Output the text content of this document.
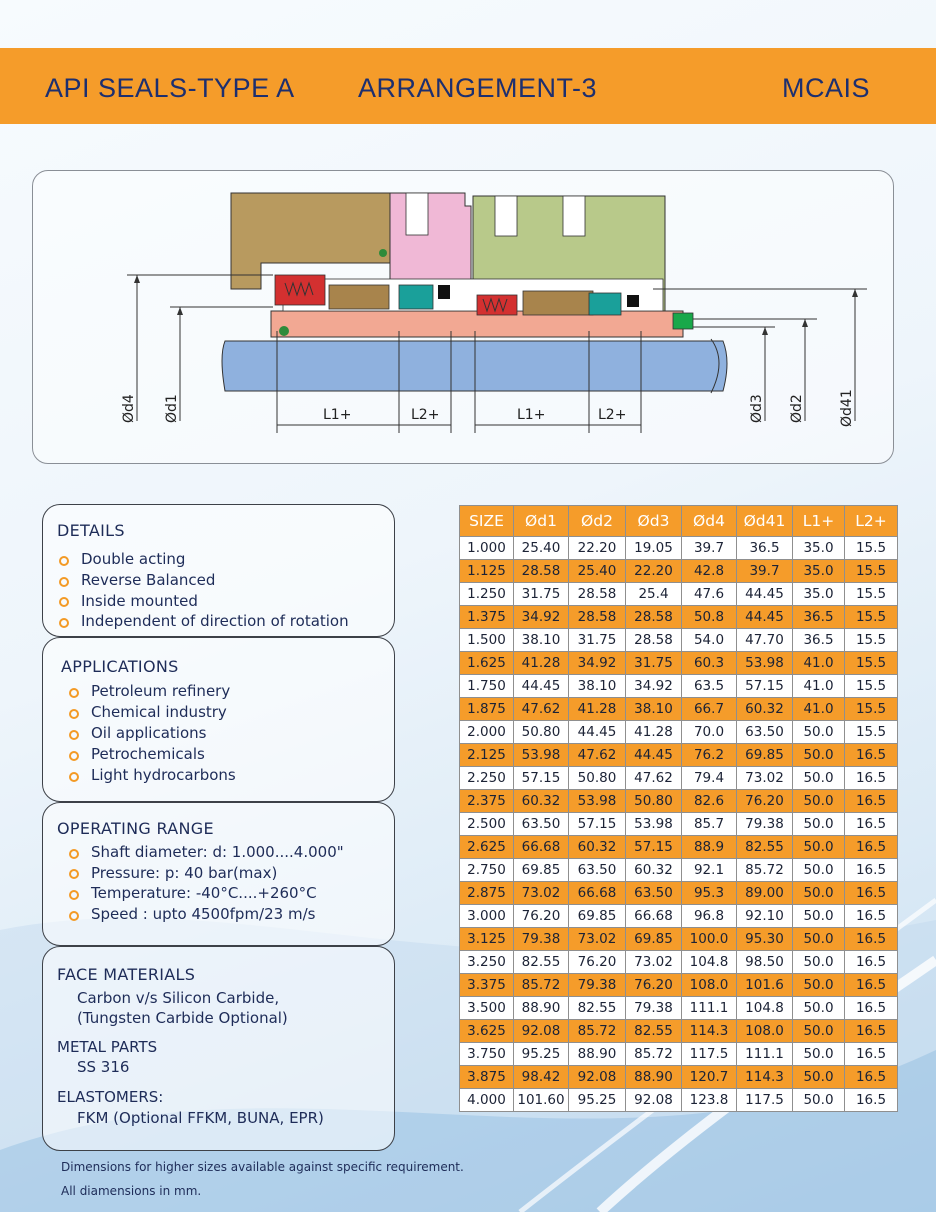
API SEALS-TYPE A ARRANGEMENT-3	MCAIS
Ød4 Ød1	Ød3 Ød2 Ød41
L1+	L2+	L1+	L2+
DETAILS
Double acting
Reverse Balanced
Inside mounted
Independent of direction of rotation
APPLICATIONS
Petroleum refinery
Chemical industry
Oil applications
Petrochemicals
Light hydrocarbons
OPERATING RANGE
Shaft diameter: d: 1.000....4.000"
Pressure: p: 40 bar(max)
Temperature: -40°C....+260°C
Speed : upto 4500fpm/23 m/s
FACE MATERIALS
Carbon v/s Silicon Carbide,
(Tungsten Carbide Optional)
METAL PARTS
SS 316
ELASTOMERS:
FKM (Optional FFKM, BUNA, EPR)
SIZE	Ød1	Ød2	Ød3	Ød4	Ød41	L1+	L2+
1.000	25.40	22.20	19.05	39.7	36.5	35.0	15.5
1.125	28.58	25.40	22.20	42.8	39.7	35.0	15.5
1.250	31.75	28.58	25.4	47.6	44.45	35.0	15.5
1.375	34.92	28.58	28.58	50.8	44.45	36.5	15.5
1.500	38.10	31.75	28.58	54.0	47.70	36.5	15.5
1.625	41.28	34.92	31.75	60.3	53.98	41.0	15.5
1.750	44.45	38.10	34.92	63.5	57.15	41.0	15.5
1.875	47.62	41.28	38.10	66.7	60.32	41.0	15.5
2.000	50.80	44.45	41.28	70.0	63.50	50.0	15.5
2.125	53.98	47.62	44.45	76.2	69.85	50.0	16.5
2.250	57.15	50.80	47.62	79.4	73.02	50.0	16.5
2.375	60.32	53.98	50.80	82.6	76.20	50.0	16.5
2.500	63.50	57.15	53.98	85.7	79.38	50.0	16.5
2.625	66.68	60.32	57.15	88.9	82.55	50.0	16.5
2.750	69.85	63.50	60.32	92.1	85.72	50.0	16.5
2.875	73.02	66.68	63.50	95.3	89.00	50.0	16.5
3.000	76.20	69.85	66.68	96.8	92.10	50.0	16.5
3.125	79.38	73.02	69.85	100.0	95.30	50.0	16.5
3.250	82.55	76.20	73.02	104.8	98.50	50.0	16.5
3.375	85.72	79.38	76.20	108.0	101.6	50.0	16.5
3.500	88.90	82.55	79.38	111.1	104.8	50.0	16.5
3.625	92.08	85.72	82.55	114.3	108.0	50.0	16.5
3.750	95.25	88.90	85.72	117.5	111.1	50.0	16.5
3.875	98.42	92.08	88.90	120.7	114.3	50.0	16.5
4.000	101.60	95.25	92.08	123.8	117.5	50.0	16.5
Dimensions for higher sizes available against specific requirement.
All diamensions in mm.
